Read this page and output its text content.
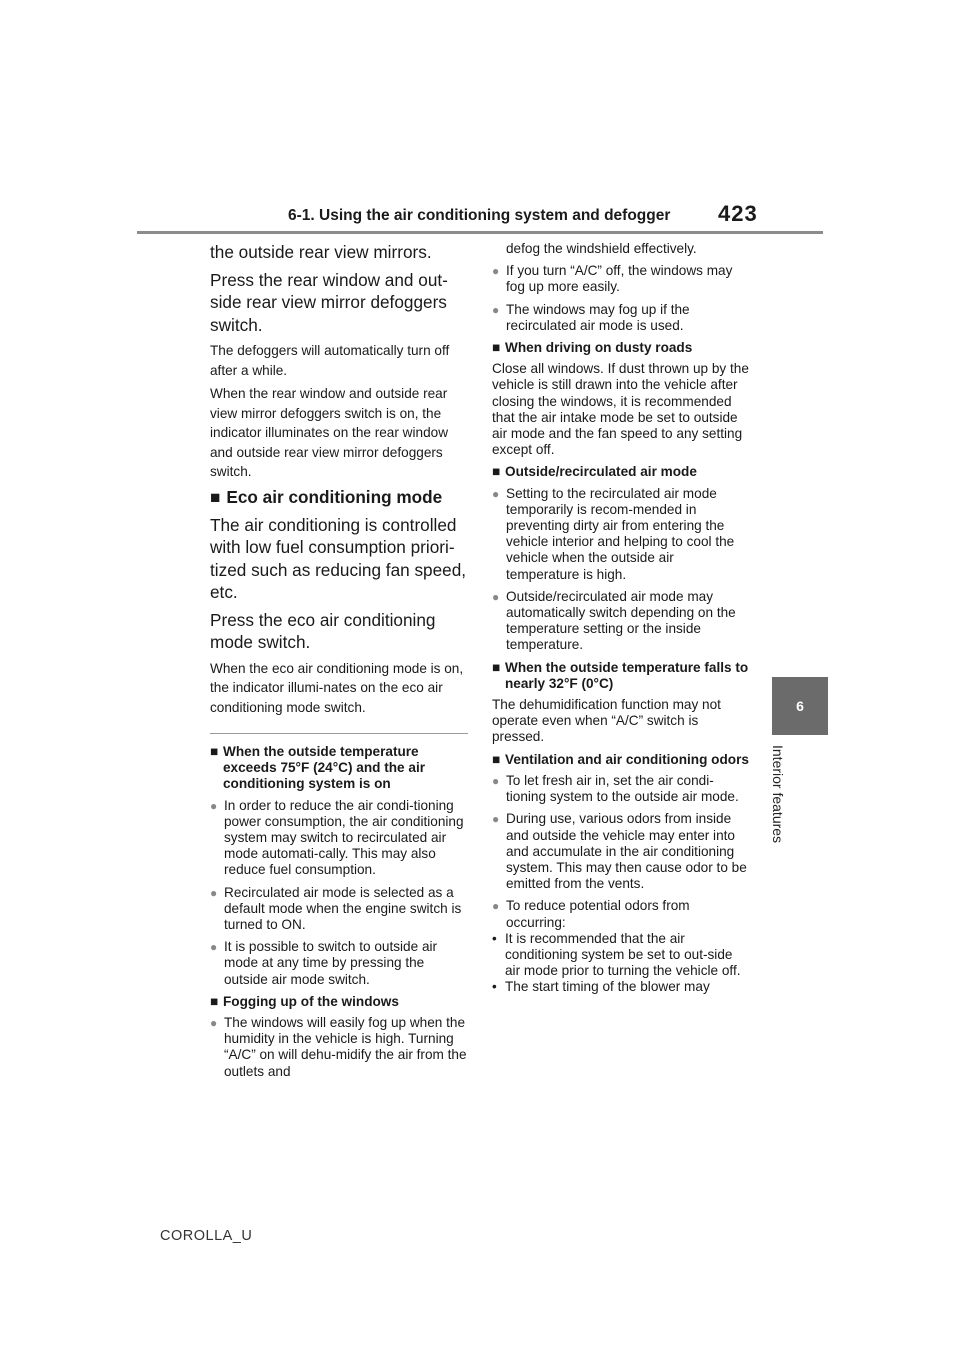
6-1. Using the air conditioning system and defogger 423
6
Interior features

the outside rear view mirrors.

Press the rear window and out-side rear view mirror defoggers switch.

The defoggers will automatically turn off after a while.

When the rear window and outside rear view mirror defoggers switch is on, the indicator illuminates on the rear window and outside rear view mirror defoggers switch.

■ Eco air conditioning mode

The air conditioning is controlled with low fuel consumption priori-tized such as reducing fan speed, etc.

Press the eco air conditioning mode switch.

When the eco air conditioning mode is on, the indicator illumi-nates on the eco air conditioning mode switch.

■ When the outside temperature exceeds 75°F (24°C) and the air conditioning system is on
● In order to reduce the air condi-tioning power consumption, the air conditioning system may switch to recirculated air mode automati-cally. This may also reduce fuel consumption.
● Recirculated air mode is selected as a default mode when the engine switch is turned to ON.
● It is possible to switch to outside air mode at any time by pressing the outside air mode switch.
■ Fogging up of the windows
● The windows will easily fog up when the humidity in the vehicle is high. Turning “A/C” on will dehu-midify the air from the outlets and

defog the windshield effectively.

● If you turn “A/C” off, the windows may fog up more easily.
● The windows may fog up if the recirculated air mode is used.
■ When driving on dusty roads

Close all windows. If dust thrown up by the vehicle is still drawn into the vehicle after closing the windows, it is recommended that the air intake mode be set to outside air mode and the fan speed to any setting except off.

■ Outside/recirculated air mode
● Setting to the recirculated air mode temporarily is recom-mended in preventing dirty air from entering the vehicle interior and helping to cool the vehicle when the outside air temperature is high.
● Outside/recirculated air mode may automatically switch depending on the temperature setting or the inside temperature.
■ When the outside temperature falls to nearly 32°F (0°C)

The dehumidification function may not operate even when “A/C” switch is pressed.

■ Ventilation and air conditioning odors
● To let fresh air in, set the air condi-tioning system to the outside air mode.
● During use, various odors from inside and outside the vehicle may enter into and accumulate in the air conditioning system. This may then cause odor to be emitted from the vents.
● To reduce potential odors from occurring:
• It is recommended that the air conditioning system be set to out-side air mode prior to turning the vehicle off.
• The start timing of the blower may
COROLLA_U
